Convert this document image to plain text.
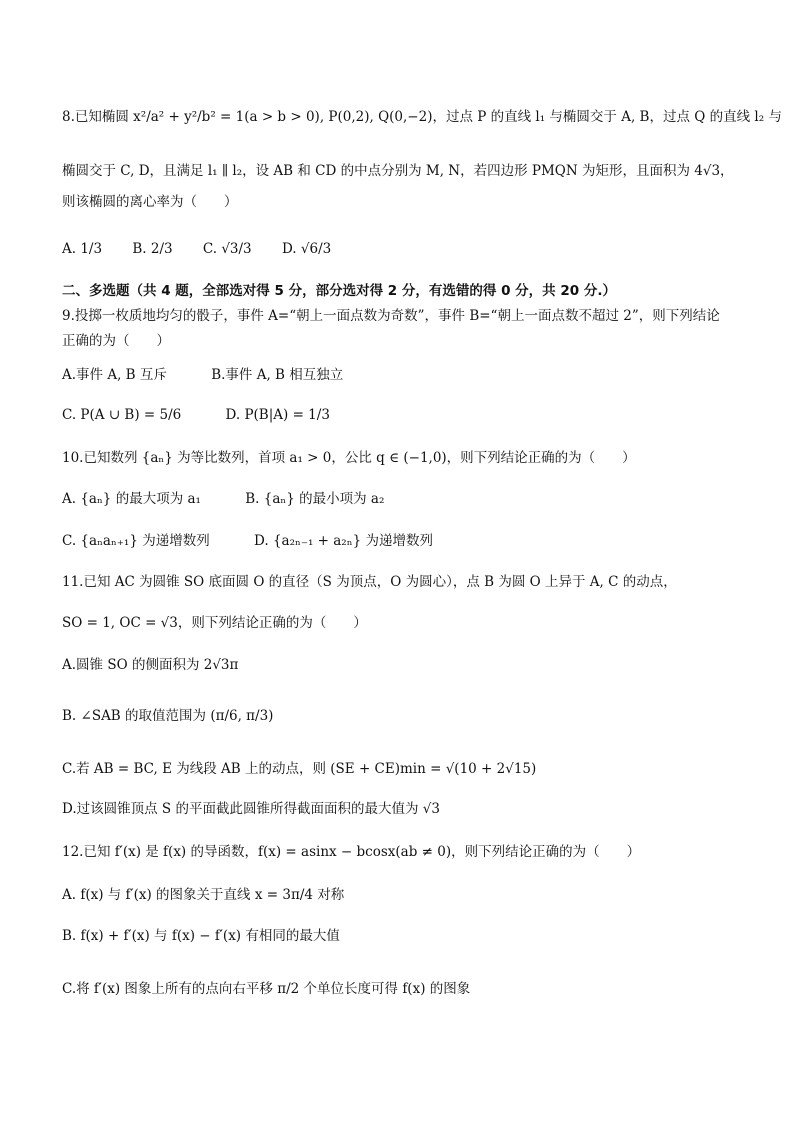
8.已知椭圆 x²/a² + y²/b² = 1(a > b > 0), P(0,2), Q(0,−2)，过点 P 的直线 l₁ 与椭圆交于 A, B，过点 Q 的直线 l₂ 与
椭圆交于 C, D，且满足 l₁ ∥ l₂，设 AB 和 CD 的中点分别为 M, N，若四边形 PMQN 为矩形，且面积为 4√3，
则该椭圆的离心率为（　　）
A. 1/3 B. 2/3 C. √3/3 D. √6/3
二、多选题（共 4 题，全部选对得 5 分，部分选对得 2 分，有选错的得 0 分，共 20 分.）
9.投掷一枚质地均匀的骰子，事件 A=“朝上一面点数为奇数”，事件 B=“朝上一面点数不超过 2”，则下列结论
正确的为（　　）
A.事件 A, B 互斥	B.事件 A, B 相互独立
C. P(A ∪ B) = 5/6	D. P(B|A) = 1/3
10.已知数列 {aₙ} 为等比数列，首项 a₁ > 0，公比 q ∈ (−1,0)，则下列结论正确的为（　　）
A. {aₙ} 的最大项为 a₁	B. {aₙ} 的最小项为 a₂
C. {aₙaₙ₊₁} 为递增数列	D. {a₂ₙ₋₁ + a₂ₙ} 为递增数列
11.已知 AC 为圆锥 SO 底面圆 O 的直径（S 为顶点，O 为圆心），点 B 为圆 O 上异于 A, C 的动点，
SO = 1, OC = √3，则下列结论正确的为（　　）
A.圆锥 SO 的侧面积为 2√3π
B. ∠SAB 的取值范围为 (π/6, π/3)
C.若 AB = BC, E 为线段 AB 上的动点，则 (SE + CE)min = √(10 + 2√15)
D.过该圆锥顶点 S 的平面截此圆锥所得截面面积的最大值为 √3
12.已知 f′(x) 是 f(x) 的导函数，f(x) = asinx − bcosx(ab ≠ 0)，则下列结论正确的为（　　）
A. f(x) 与 f′(x) 的图象关于直线 x = 3π/4 对称
B. f(x) + f′(x) 与 f(x) − f′(x) 有相同的最大值
C.将 f′(x) 图象上所有的点向右平移 π/2 个单位长度可得 f(x) 的图象
